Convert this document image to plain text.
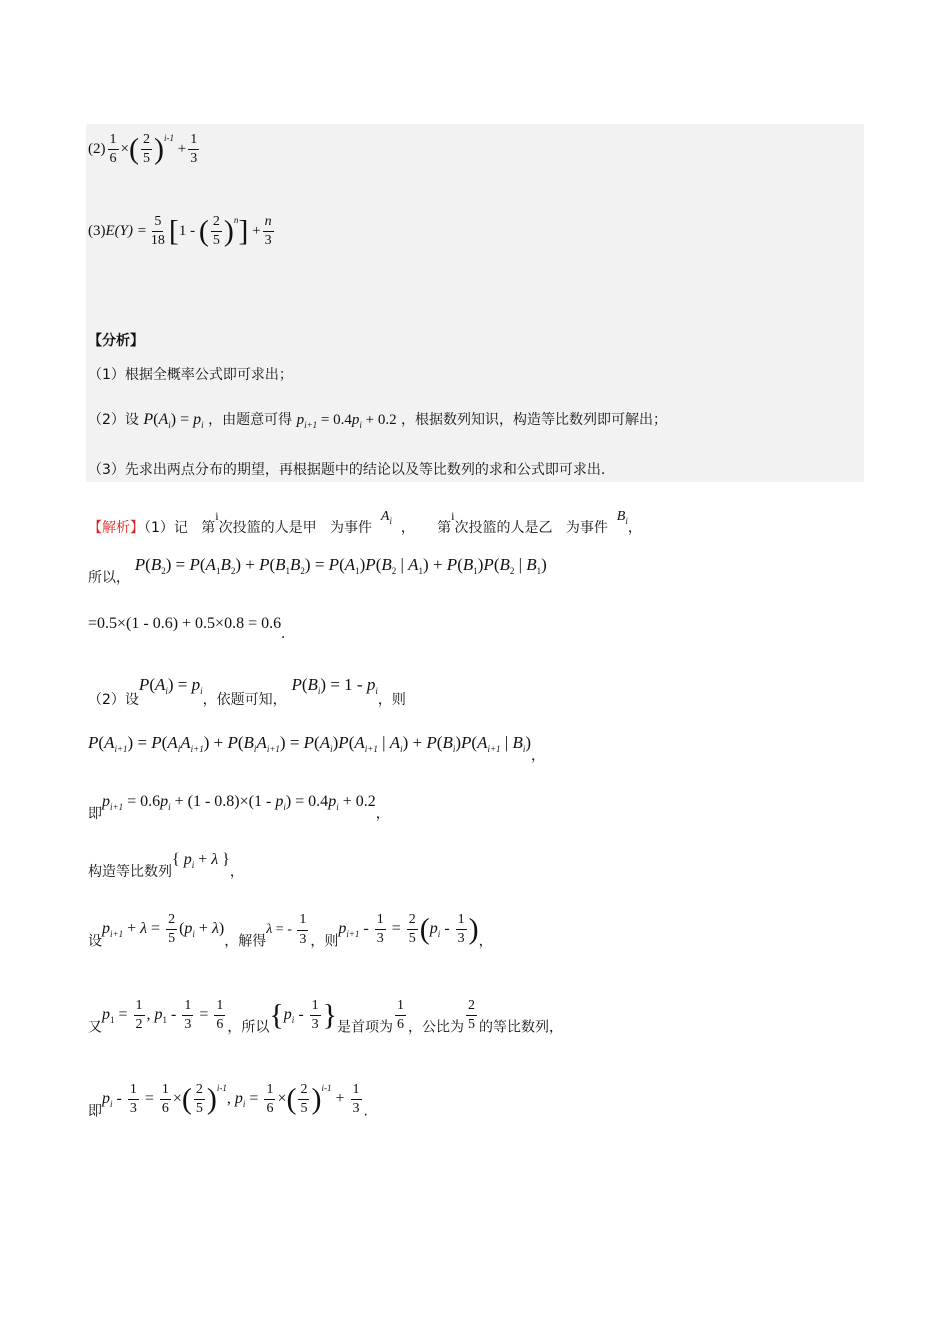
$(2) \frac{1}{6}$ ×( $\frac{2}{5} )^{i-1} + \frac{1}{3}$
$(3)E(Y) = \frac{5}{18} [1$ - ( $\frac{2}{5} )^n] + \frac{n}{3}$
【分析】
（1）根据全概率公式即可求出；
（2）设 $P(A_i) = p_i$ ，由题意可得 $p_{i+1} = 0.4p_i + 0.2$ ，根据数列知识，构造等比数列即可解出；
（3）先求出两点分布的期望，再根据题中的结论以及等比数列的求和公式即可求出.
【解析】（1）记 第i次投篮的人是甲 为事件  $A_i$ ， 第i次投篮的人是乙 为事件  $B_i$，
所以， $P(B_2) = P(A_1B_2) + P(B_1B_2) = P(A_1)P(B_2$ | $A_1) + P(B_1)P(B_2$ | $B_1$)
=0.5×(1 - 0.6) + 0.5×0.8 = 0.6.
（2）设$P(A_i) = p_i$，依题可知， $P(B_i) = 1 - p_i$，则
$P(A_{i+1}) = P(A_iA_{i+1}) + P(B_iA_{i+1}) = P(A_i)P(A_{i+1}$ | $A_i) + P(B_i)P(A_{i+1}$ | $B_i)_,$
即$p_{i+1} = 0.6p_i + (1 - 0.8)\times(1 - p_i) = 0.4p_i + 0.2$，
构造等比数列{ $p_i + \lambda$ }，
设$p_{i+1} + \lambda = \frac{2}{5} (p_i + \lambda)$，解得λ = - $\frac{1}{3}$ ，则$p_{i+1} - \frac{1}{3} = \frac{2}{5} (p_i - \frac{1}{3}$ )，
又$p_1 = \frac{1}{2}$ , $p_1 - \frac{1}{3} = \frac{1}{6}$ ，所以{$p_i - \frac{1}{3}$ }是首项为 $\frac{1}{6}$ ，公比为 $\frac{2}{5}$ 的等比数列，
即$p_i - \frac{1}{3} = \frac{1}{6}$ ×( $\frac{2}{5} )^{i-1}$, $p_i = \frac{1}{6}$ ×( $\frac{2}{5} )^{i-1} + \frac{1}{3}$ .
